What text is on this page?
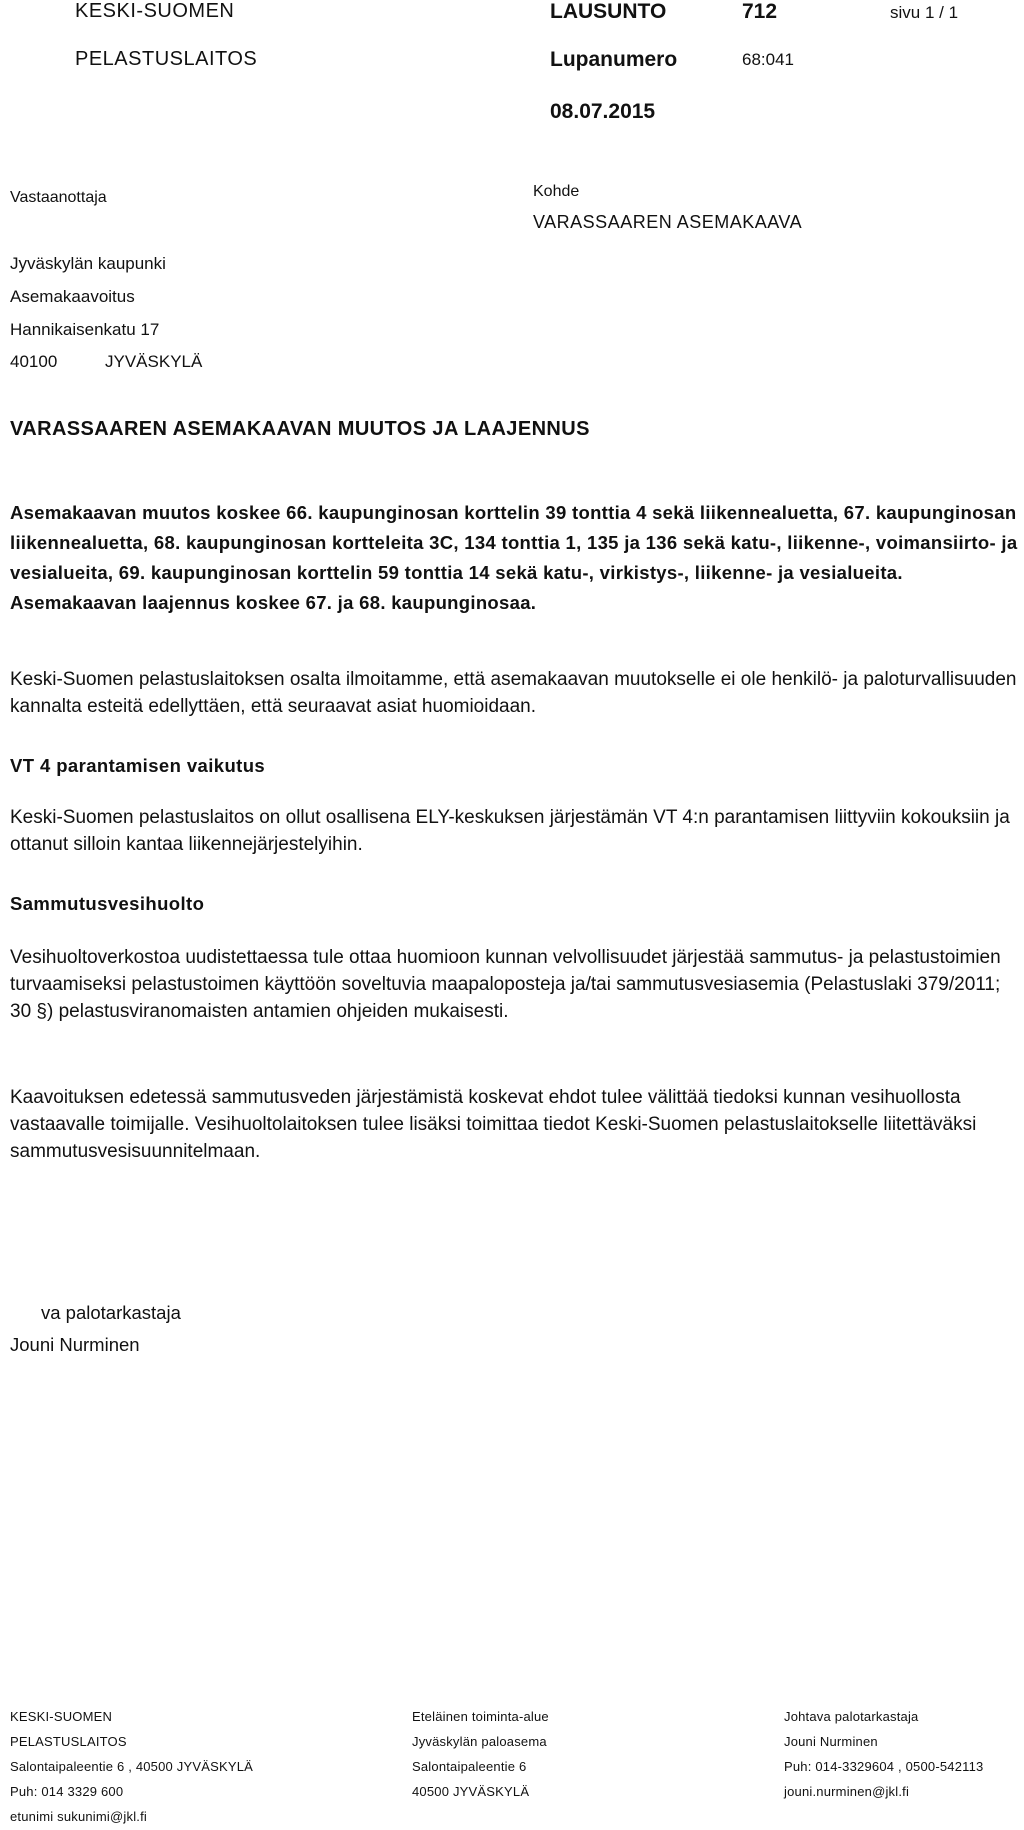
KESKI-SUOMEN
PELASTUSLAITOS
LAUSUNTO	712	sivu 1 / 1
Lupanumero	68:041
08.07.2015
Vastaanottaja
Jyväskylän kaupunki
Asemakaavoitus
Hannikaisenkatu 17
40100	JYVÄSKYLÄ
Kohde
VARASSAAREN ASEMAKAAVA
VARASSAAREN ASEMAKAAVAN MUUTOS JA LAAJENNUS
Asemakaavan muutos koskee 66. kaupunginosan korttelin 39 tonttia 4 sekä liikennealuetta, 67. kaupunginosan liikennealuetta, 68. kaupunginosan kortteleita 3C, 134 tonttia 1, 135 ja 136 sekä katu-, liikenne-, voimansiirto- ja vesialueita, 69. kaupunginosan korttelin 59 tonttia 14 sekä katu-, virkistys-, liikenne- ja vesialueita. Asemakaavan laajennus koskee 67. ja 68. kaupunginosaa.
Keski-Suomen pelastuslaitoksen osalta ilmoitamme, että asemakaavan muutokselle ei ole henkilö- ja paloturvallisuuden kannalta esteitä edellyttäen, että seuraavat asiat huomioidaan.
VT 4 parantamisen vaikutus
Keski-Suomen pelastuslaitos on ollut osallisena ELY-keskuksen järjestämän VT 4:n parantamisen liittyviin kokouksiin ja ottanut silloin kantaa liikennejärjestelyihin.
Sammutusvesihuolto
Vesihuoltoverkostoa uudistettaessa tule ottaa huomioon kunnan velvollisuudet järjestää sammutus- ja pelastustoimien turvaamiseksi pelastustoimen käyttöön soveltuvia maapaloposteja ja/tai sammutusvesiasemia (Pelastuslaki 379/2011; 30 §) pelastusviranomaisten antamien ohjeiden mukaisesti.
Kaavoituksen edetessä sammutusveden järjestämistä koskevat ehdot tulee välittää tiedoksi kunnan vesihuollosta vastaavalle toimijalle. Vesihuoltolaitoksen tulee lisäksi toimittaa tiedot Keski-Suomen pelastuslaitokselle liitettäväksi sammutusvesisuunnitelmaan.
va palotarkastaja
Jouni Nurminen
KESKI-SUOMEN
PELASTUSLAITOS
Salontaipaleentie 6 , 40500 JYVÄSKYLÄ
Puh: 014 3329 600
etunimi sukunimi@jkl.fi
Eteläinen toiminta-alue
Jyväskylän paloasema
Salontaipaleentie 6
40500 JYVÄSKYLÄ
Johtava palotarkastaja
Jouni Nurminen
Puh: 014-3329604 , 0500-542113
jouni.nurminen@jkl.fi
